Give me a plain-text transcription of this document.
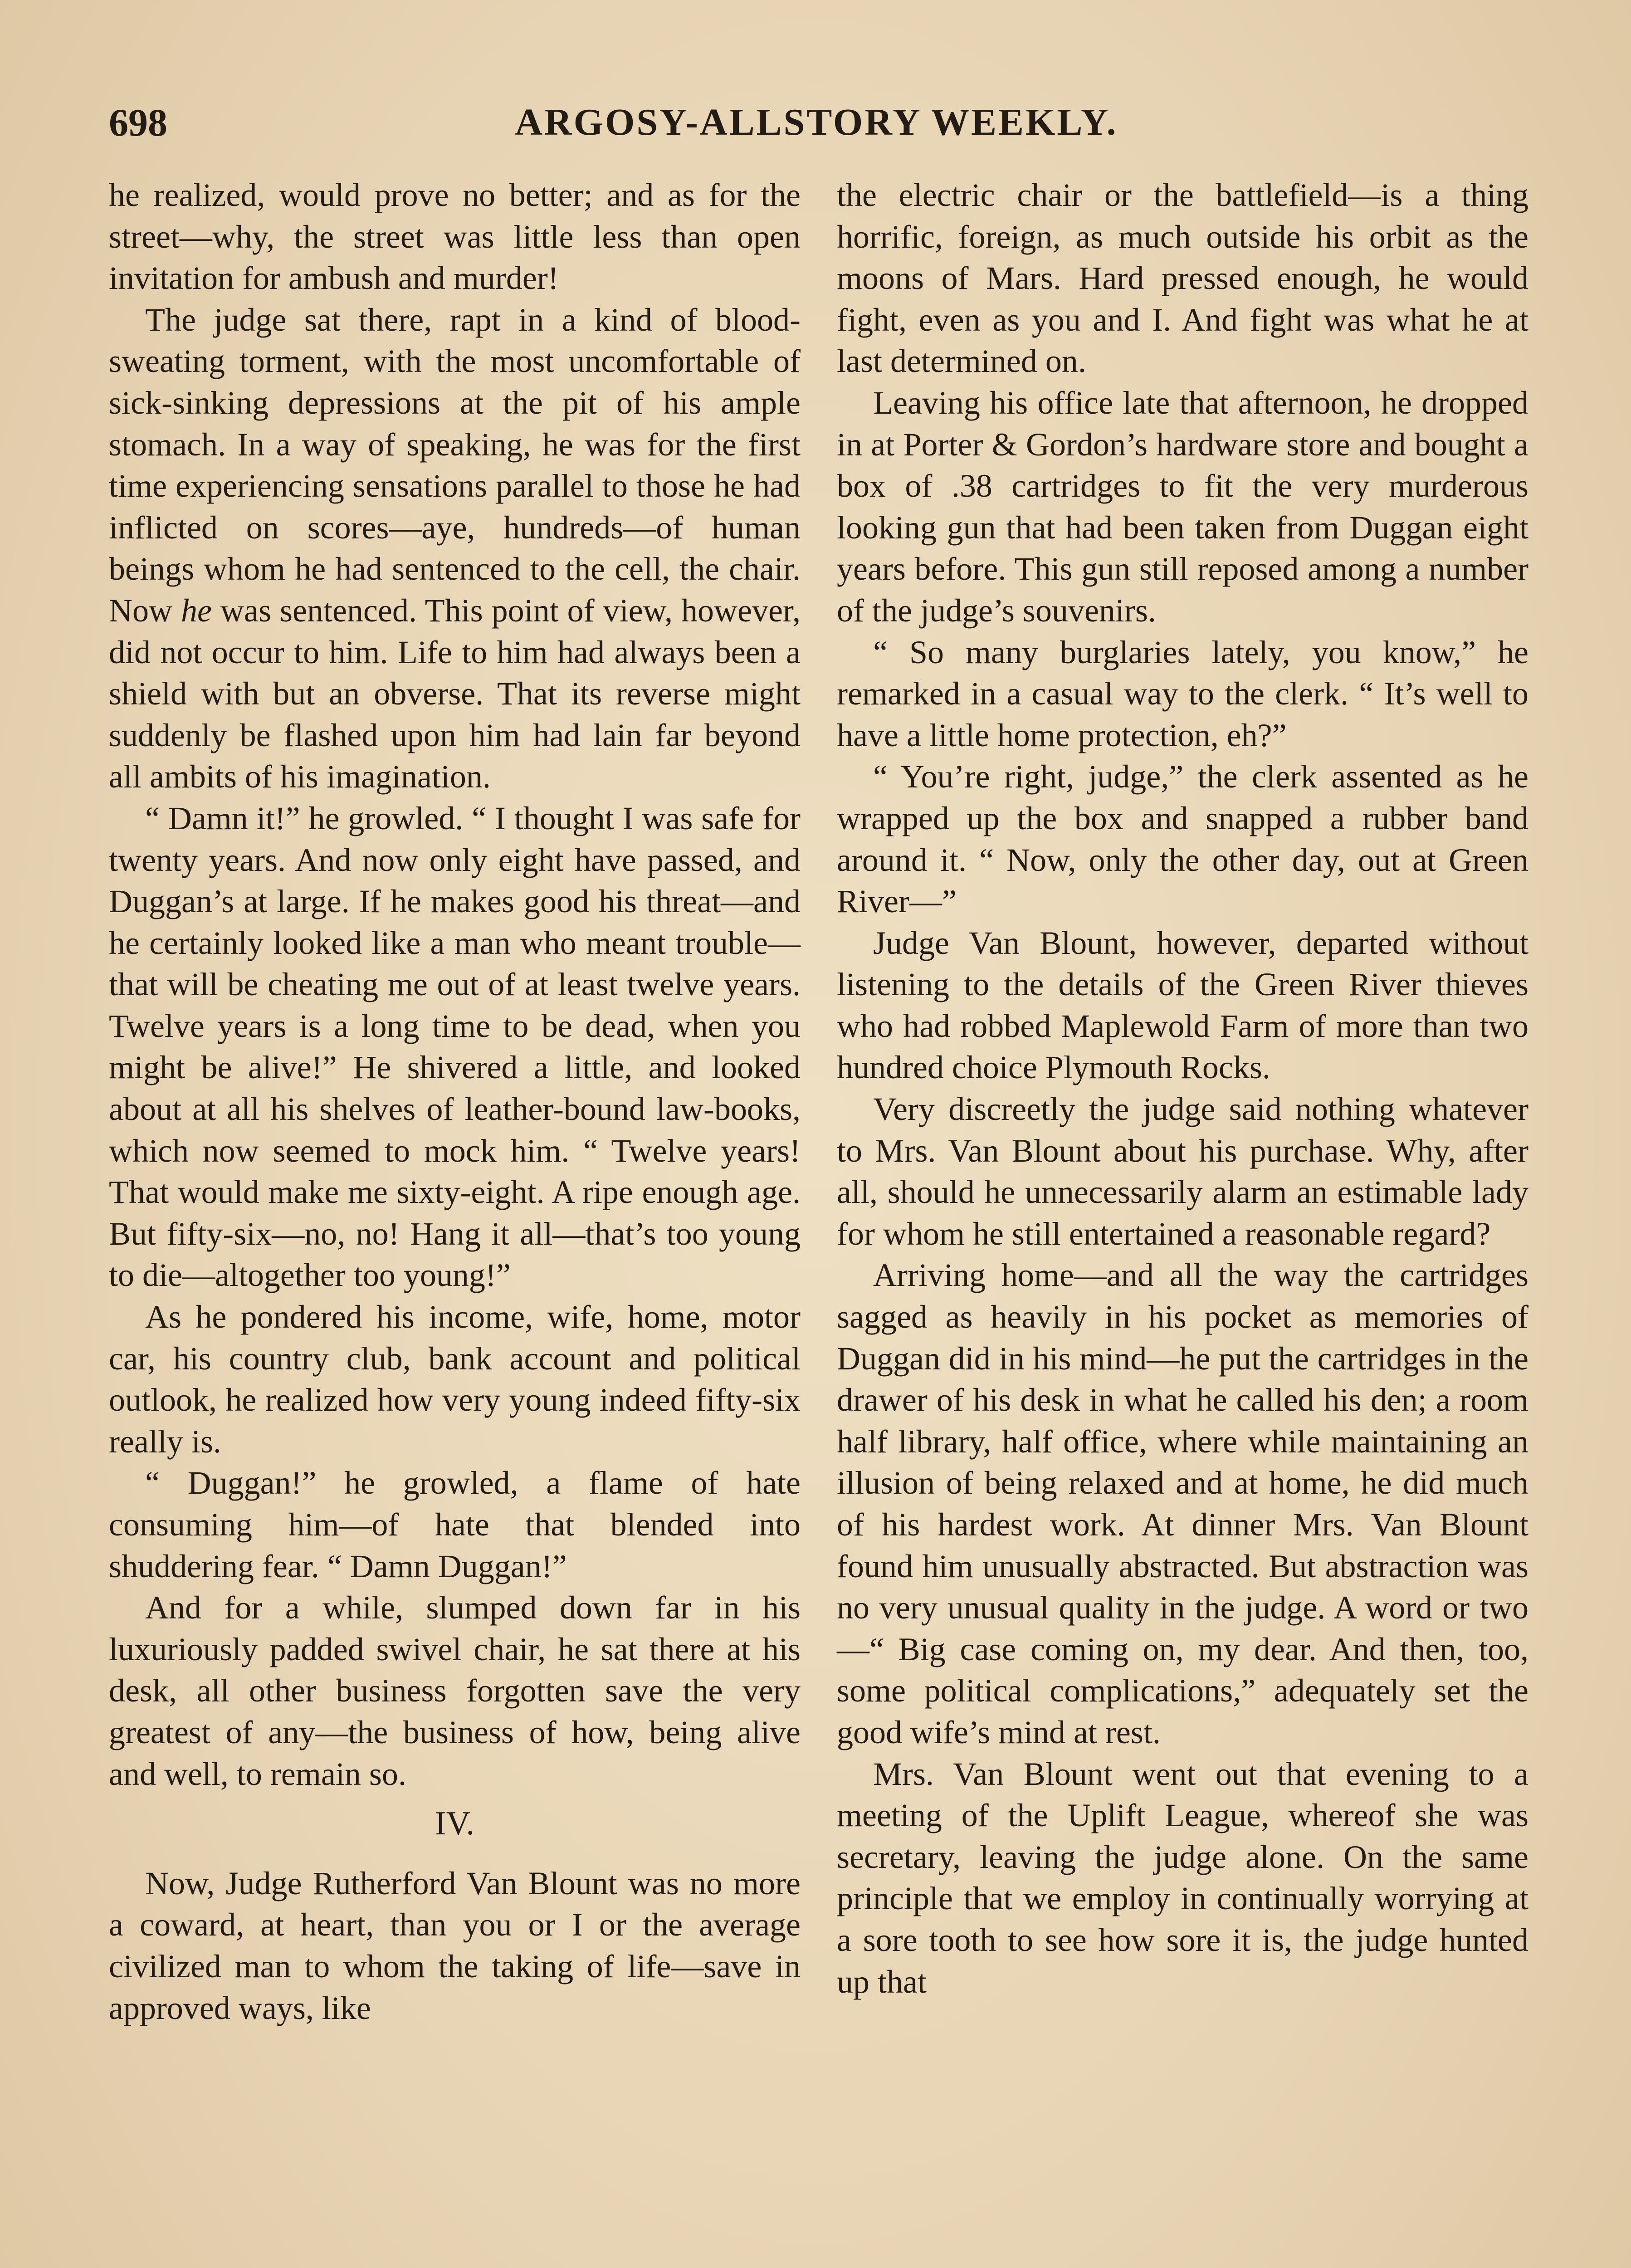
698	ARGOSY-ALLSTORY WEEKLY.

he realized, would prove no better; and as for the street—why, the street was little less than open invitation for ambush and murder!

The judge sat there, rapt in a kind of blood-sweating torment, with the most uncomfortable of sick-sinking depressions at the pit of his ample stomach. In a way of speaking, he was for the first time experiencing sensations parallel to those he had inflicted on scores—aye, hundreds—of human beings whom he had sentenced to the cell, the chair. Now he was sentenced. This point of view, however, did not occur to him. Life to him had always been a shield with but an obverse. That its reverse might suddenly be flashed upon him had lain far beyond all ambits of his imagination.

“ Damn it!” he growled. “ I thought I was safe for twenty years. And now only eight have passed, and Duggan’s at large. If he makes good his threat—and he certainly looked like a man who meant trouble—that will be cheating me out of at least twelve years. Twelve years is a long time to be dead, when you might be alive!” He shivered a little, and looked about at all his shelves of leather-bound law-books, which now seemed to mock him. “ Twelve years! That would make me sixty-eight. A ripe enough age. But fifty-six—no, no! Hang it all—that’s too young to die—altogether too young!”

As he pondered his income, wife, home, motor car, his country club, bank account and political outlook, he realized how very young indeed fifty-six really is.

“ Duggan!” he growled, a flame of hate consuming him—of hate that blended into shuddering fear. “ Damn Duggan!”

And for a while, slumped down far in his luxuriously padded swivel chair, he sat there at his desk, all other business forgotten save the very greatest of any—the business of how, being alive and well, to remain so.

IV.

Now, Judge Rutherford Van Blount was no more a coward, at heart, than you or I or the average civilized man to whom the taking of life—save in approved ways, like

the electric chair or the battlefield—is a thing horrific, foreign, as much outside his orbit as the moons of Mars. Hard pressed enough, he would fight, even as you and I. And fight was what he at last determined on.

Leaving his office late that afternoon, he dropped in at Porter & Gordon’s hardware store and bought a box of .38 cartridges to fit the very murderous looking gun that had been taken from Duggan eight years before. This gun still reposed among a number of the judge’s souvenirs.

“ So many burglaries lately, you know,” he remarked in a casual way to the clerk. “ It’s well to have a little home protection, eh?”

“ You’re right, judge,” the clerk assented as he wrapped up the box and snapped a rubber band around it. “ Now, only the other day, out at Green River—”

Judge Van Blount, however, departed without listening to the details of the Green River thieves who had robbed Maplewold Farm of more than two hundred choice Plymouth Rocks.

Very discreetly the judge said nothing whatever to Mrs. Van Blount about his purchase. Why, after all, should he unnecessarily alarm an estimable lady for whom he still entertained a reasonable regard?

Arriving home—and all the way the cartridges sagged as heavily in his pocket as memories of Duggan did in his mind—he put the cartridges in the drawer of his desk in what he called his den; a room half library, half office, where while maintaining an illusion of being relaxed and at home, he did much of his hardest work. At dinner Mrs. Van Blount found him unusually abstracted. But abstraction was no very unusual quality in the judge. A word or two—“ Big case coming on, my dear. And then, too, some political complications,” adequately set the good wife’s mind at rest.

Mrs. Van Blount went out that evening to a meeting of the Uplift League, whereof she was secretary, leaving the judge alone. On the same principle that we employ in continually worrying at a sore tooth to see how sore it is, the judge hunted up that
